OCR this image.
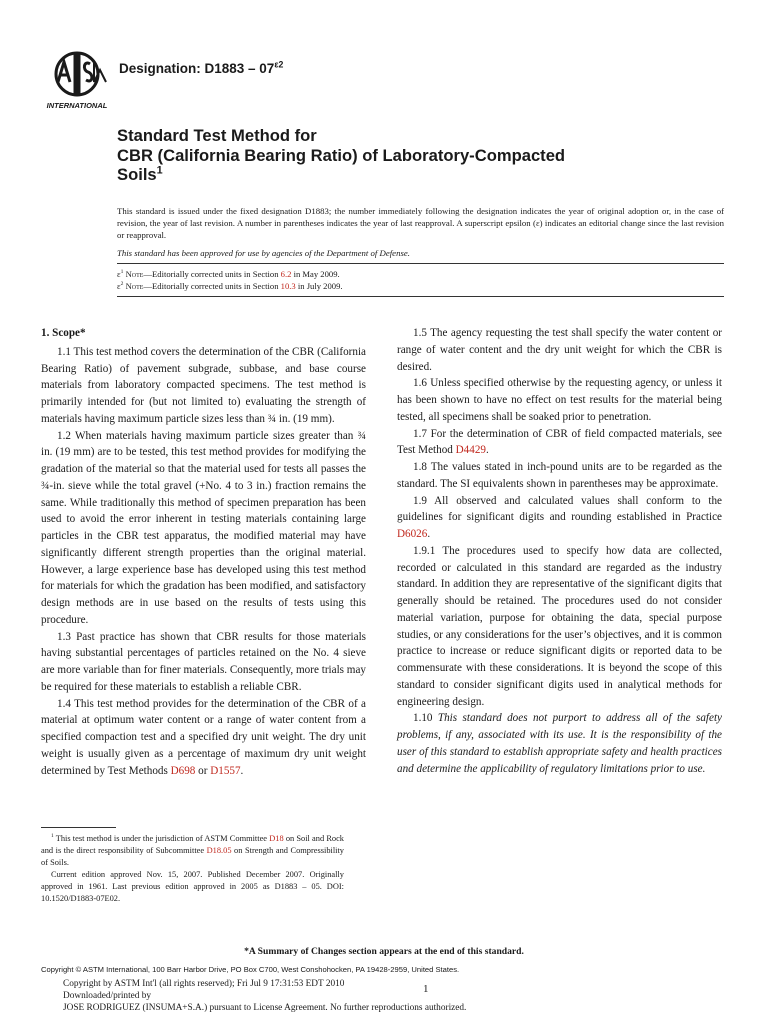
INTERNATIONAL
Designation: $D1883 - 07^{\varepsilon 2}$
Standard Test Method for
CBR (California Bearing Ratio) of Laboratory-Compacted
Soils$^1$
This standard is issued under the fixed designation D1883; the number immediately following the designation indicates the year of original adoption or, in the case of revision, the year of last revision. A number in parentheses indicates the year of last reapproval. A superscript epsilon (ε) indicates an editorial change since the last revision or reapproval.
This standard has been approved for use by agencies of the Department of Defense.
$\varepsilon^1$ Note—Editorially corrected units in Section 6.2 in May 2009.
$\varepsilon^2$ Note—Editorially corrected units in Section 10.3 in July 2009.

1. Scope*

1.1 This test method covers the determination of the CBR (California Bearing Ratio) of pavement subgrade, subbase, and base course materials from laboratory compacted specimens. The test method is primarily intended for (but not limited to) evaluating the strength of materials having maximum particle sizes less than ¾ in. (19 mm).

1.2 When materials having maximum particle sizes greater than ¾ in. (19 mm) are to be tested, this test method provides for modifying the gradation of the material so that the material used for tests all passes the ¾-in. sieve while the total gravel (+No. 4 to 3 in.) fraction remains the same. While traditionally this method of specimen preparation has been used to avoid the error inherent in testing materials containing large particles in the CBR test apparatus, the modified material may have significantly different strength properties than the original material. However, a large experience base has developed using this test method for materials for which the gradation has been modified, and satisfactory design methods are in use based on the results of tests using this procedure.

1.3 Past practice has shown that CBR results for those materials having substantial percentages of particles retained on the No. 4 sieve are more variable than for finer materials. Consequently, more trials may be required for these materials to establish a reliable CBR.

1.4 This test method provides for the determination of the CBR of a material at optimum water content or a range of water content from a specified compaction test and a specified dry unit weight. The dry unit weight is usually given as a percentage of maximum dry unit weight determined by Test Methods D698 or D1557.

1.5 The agency requesting the test shall specify the water content or range of water content and the dry unit weight for which the CBR is desired.

1.6 Unless specified otherwise by the requesting agency, or unless it has been shown to have no effect on test results for the material being tested, all specimens shall be soaked prior to penetration.

1.7 For the determination of CBR of field compacted materials, see Test Method D4429.

1.8 The values stated in inch-pound units are to be regarded as the standard. The SI equivalents shown in parentheses may be approximate.

1.9 All observed and calculated values shall conform to the guidelines for significant digits and rounding established in Practice D6026.

1.9.1 The procedures used to specify how data are collected, recorded or calculated in this standard are regarded as the industry standard. In addition they are representative of the significant digits that generally should be retained. The procedures used do not consider material variation, purpose for obtaining the data, special purpose studies, or any considerations for the user’s objectives, and it is common practice to increase or reduce significant digits or reported data to be commensurate with these considerations. It is beyond the scope of this standard to consider significant digits used in analytical methods for engineering design.

1.10 This standard does not purport to address all of the safety problems, if any, associated with its use. It is the responsibility of the user of this standard to establish appropriate safety and health practices and determine the applicability of regulatory limitations prior to use.

$^1$ This test method is under the jurisdiction of ASTM Committee D18 on Soil and Rock and is the direct responsibility of Subcommittee D18.05 on Strength and Compressibility of Soils.

Current edition approved Nov. 15, 2007. Published December 2007. Originally approved in 1961. Last previous edition approved in 2005 as D1883 – 05. DOI: 10.1520/D1883-07E02.

*A Summary of Changes section appears at the end of this standard.
Copyright © ASTM International, 100 Barr Harbor Drive, PO Box C700, West Conshohocken, PA 19428-2959, United States.
Copyright by ASTM Int'l (all rights reserved); Fri Jul 9 17:31:53 EDT 2010
Downloaded/printed by
JOSE RODRIGUEZ (INSUMA+S.A.) pursuant to License Agreement. No further reproductions authorized.
1
